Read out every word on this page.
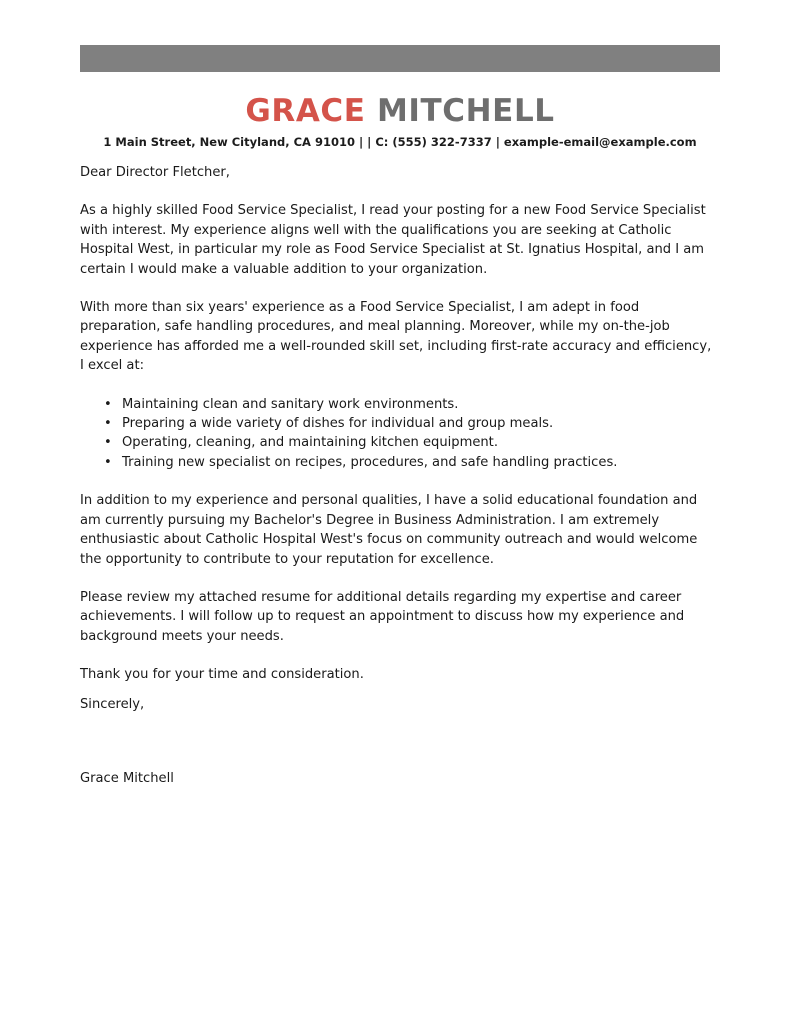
GRACE MITCHELL
1 Main Street, New Cityland, CA 91010 | | C: (555) 322-7337 | example-email@example.com

Dear Director Fletcher,

As a highly skilled Food Service Specialist, I read your posting for a new Food Service Specialist with interest. My experience aligns well with the qualifications you are seeking at Catholic Hospital West, in particular my role as Food Service Specialist at St. Ignatius Hospital, and I am certain I would make a valuable addition to your organization.

With more than six years' experience as a Food Service Specialist, I am adept in food preparation, safe handling procedures, and meal planning. Moreover, while my on-the-job experience has afforded me a well-rounded skill set, including first-rate accuracy and efficiency, I excel at:

• Maintaining clean and sanitary work environments.
• Preparing a wide variety of dishes for individual and group meals.
• Operating, cleaning, and maintaining kitchen equipment.
• Training new specialist on recipes, procedures, and safe handling practices.

In addition to my experience and personal qualities, I have a solid educational foundation and am currently pursuing my Bachelor's Degree in Business Administration. I am extremely enthusiastic about Catholic Hospital West's focus on community outreach and would welcome the opportunity to contribute to your reputation for excellence.

Please review my attached resume for additional details regarding my expertise and career achievements. I will follow up to request an appointment to discuss how my experience and background meets your needs.

Thank you for your time and consideration.

Sincerely,

Grace Mitchell
